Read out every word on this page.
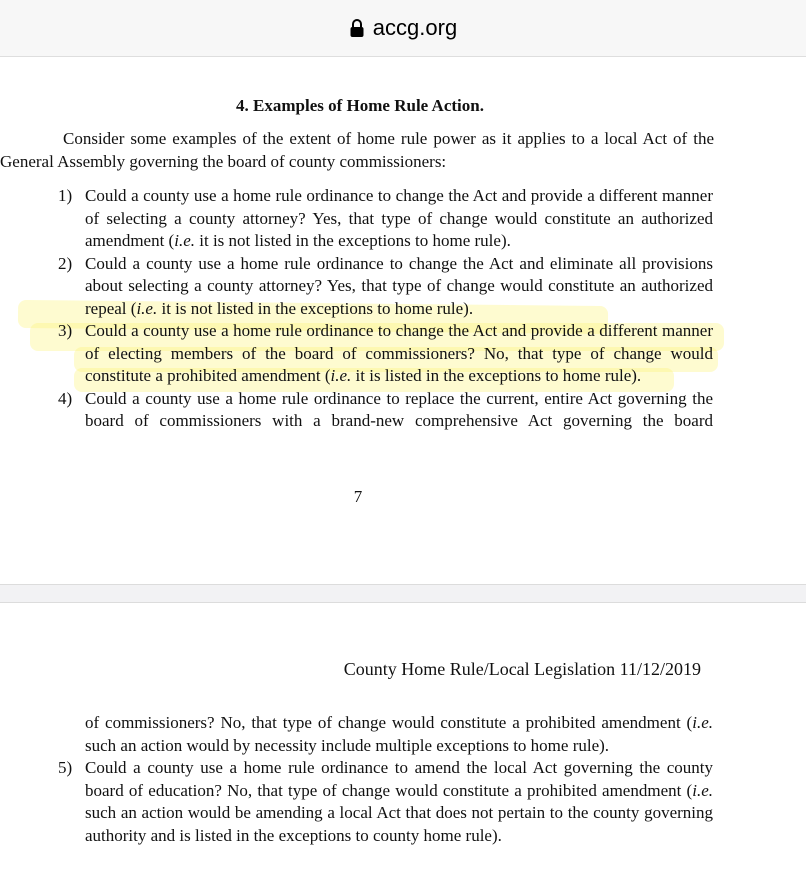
accg.org
4. Examples of Home Rule Action.

Consider some examples of the extent of home rule power as it applies to a local Act of the General Assembly governing the board of county commissioners:

1) Could a county use a home rule ordinance to change the Act and provide a different manner of selecting a county attorney? Yes, that type of change would constitute an authorized amendment (i.e. it is not listed in the exceptions to home rule).
2) Could a county use a home rule ordinance to change the Act and eliminate all provisions about selecting a county attorney? Yes, that type of change would constitute an authorized repeal (i.e. it is not listed in the exceptions to home rule).
3) Could a county use a home rule ordinance to change the Act and provide a different manner of electing members of the board of commissioners? No, that type of change would constitute a prohibited amendment (i.e. it is listed in the exceptions to home rule).
4) Could a county use a home rule ordinance to replace the current, entire Act governing the board of commissioners with a brand-new comprehensive Act governing the board
7
County Home Rule/Local Legislation 11/12/2019
of commissioners? No, that type of change would constitute a prohibited amendment (i.e. such an action would by necessity include multiple exceptions to home rule).
5) Could a county use a home rule ordinance to amend the local Act governing the county board of education? No, that type of change would constitute a prohibited amendment (i.e. such an action would be amending a local Act that does not pertain to the county governing authority and is listed in the exceptions to county home rule).
